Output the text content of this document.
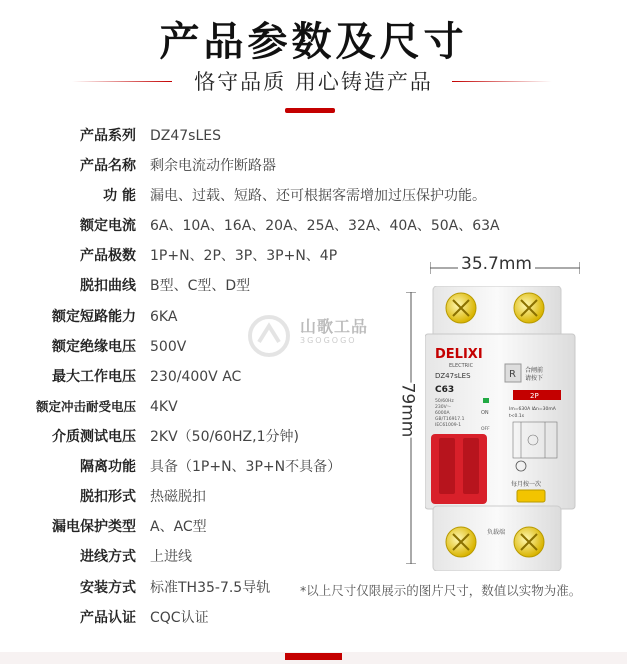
产品参数及尺寸
恪守品质 用心铸造产品
产品系列 DZ47sLES
产品名称 剩余电流动作断路器
功 能 漏电、过载、短路、还可根据客需增加过压保护功能。
额定电流 6A、10A、16A、20A、25A、32A、40A、50A、63A
产品极数 1P+N、2P、3P、3P+N、4P
脱扣曲线 B型、C型、D型
额定短路能力 6KA
额定绝缘电压 500V
最大工作电压 230/400V AC
额定冲击耐受电压 4KV
介质测试电压 2KV（50/60HZ,1分钟)
隔离功能 具备（1P+N、3P+N不具备）
脱扣形式 热磁脱扣
漏电保护类型 A、AC型
进线方式 上进线
安装方式 标准TH35-7.5导轨
产品认证 CQC认证
*以上尺寸仅限展示的图片尺寸，数值以实物为准。
山歌工品
3GOGOGO
35.7mm
79mm
DELIXI
ELECTRIC
DZ47sLES
C63
R 合闸前
请按下
2P
50/60Hz
230V～
6000A
GB/T16917.1
IEC61009-1
ON
OFF
Im=630A IΔn=30mA
t<0.1s
每月按一次
负载端
